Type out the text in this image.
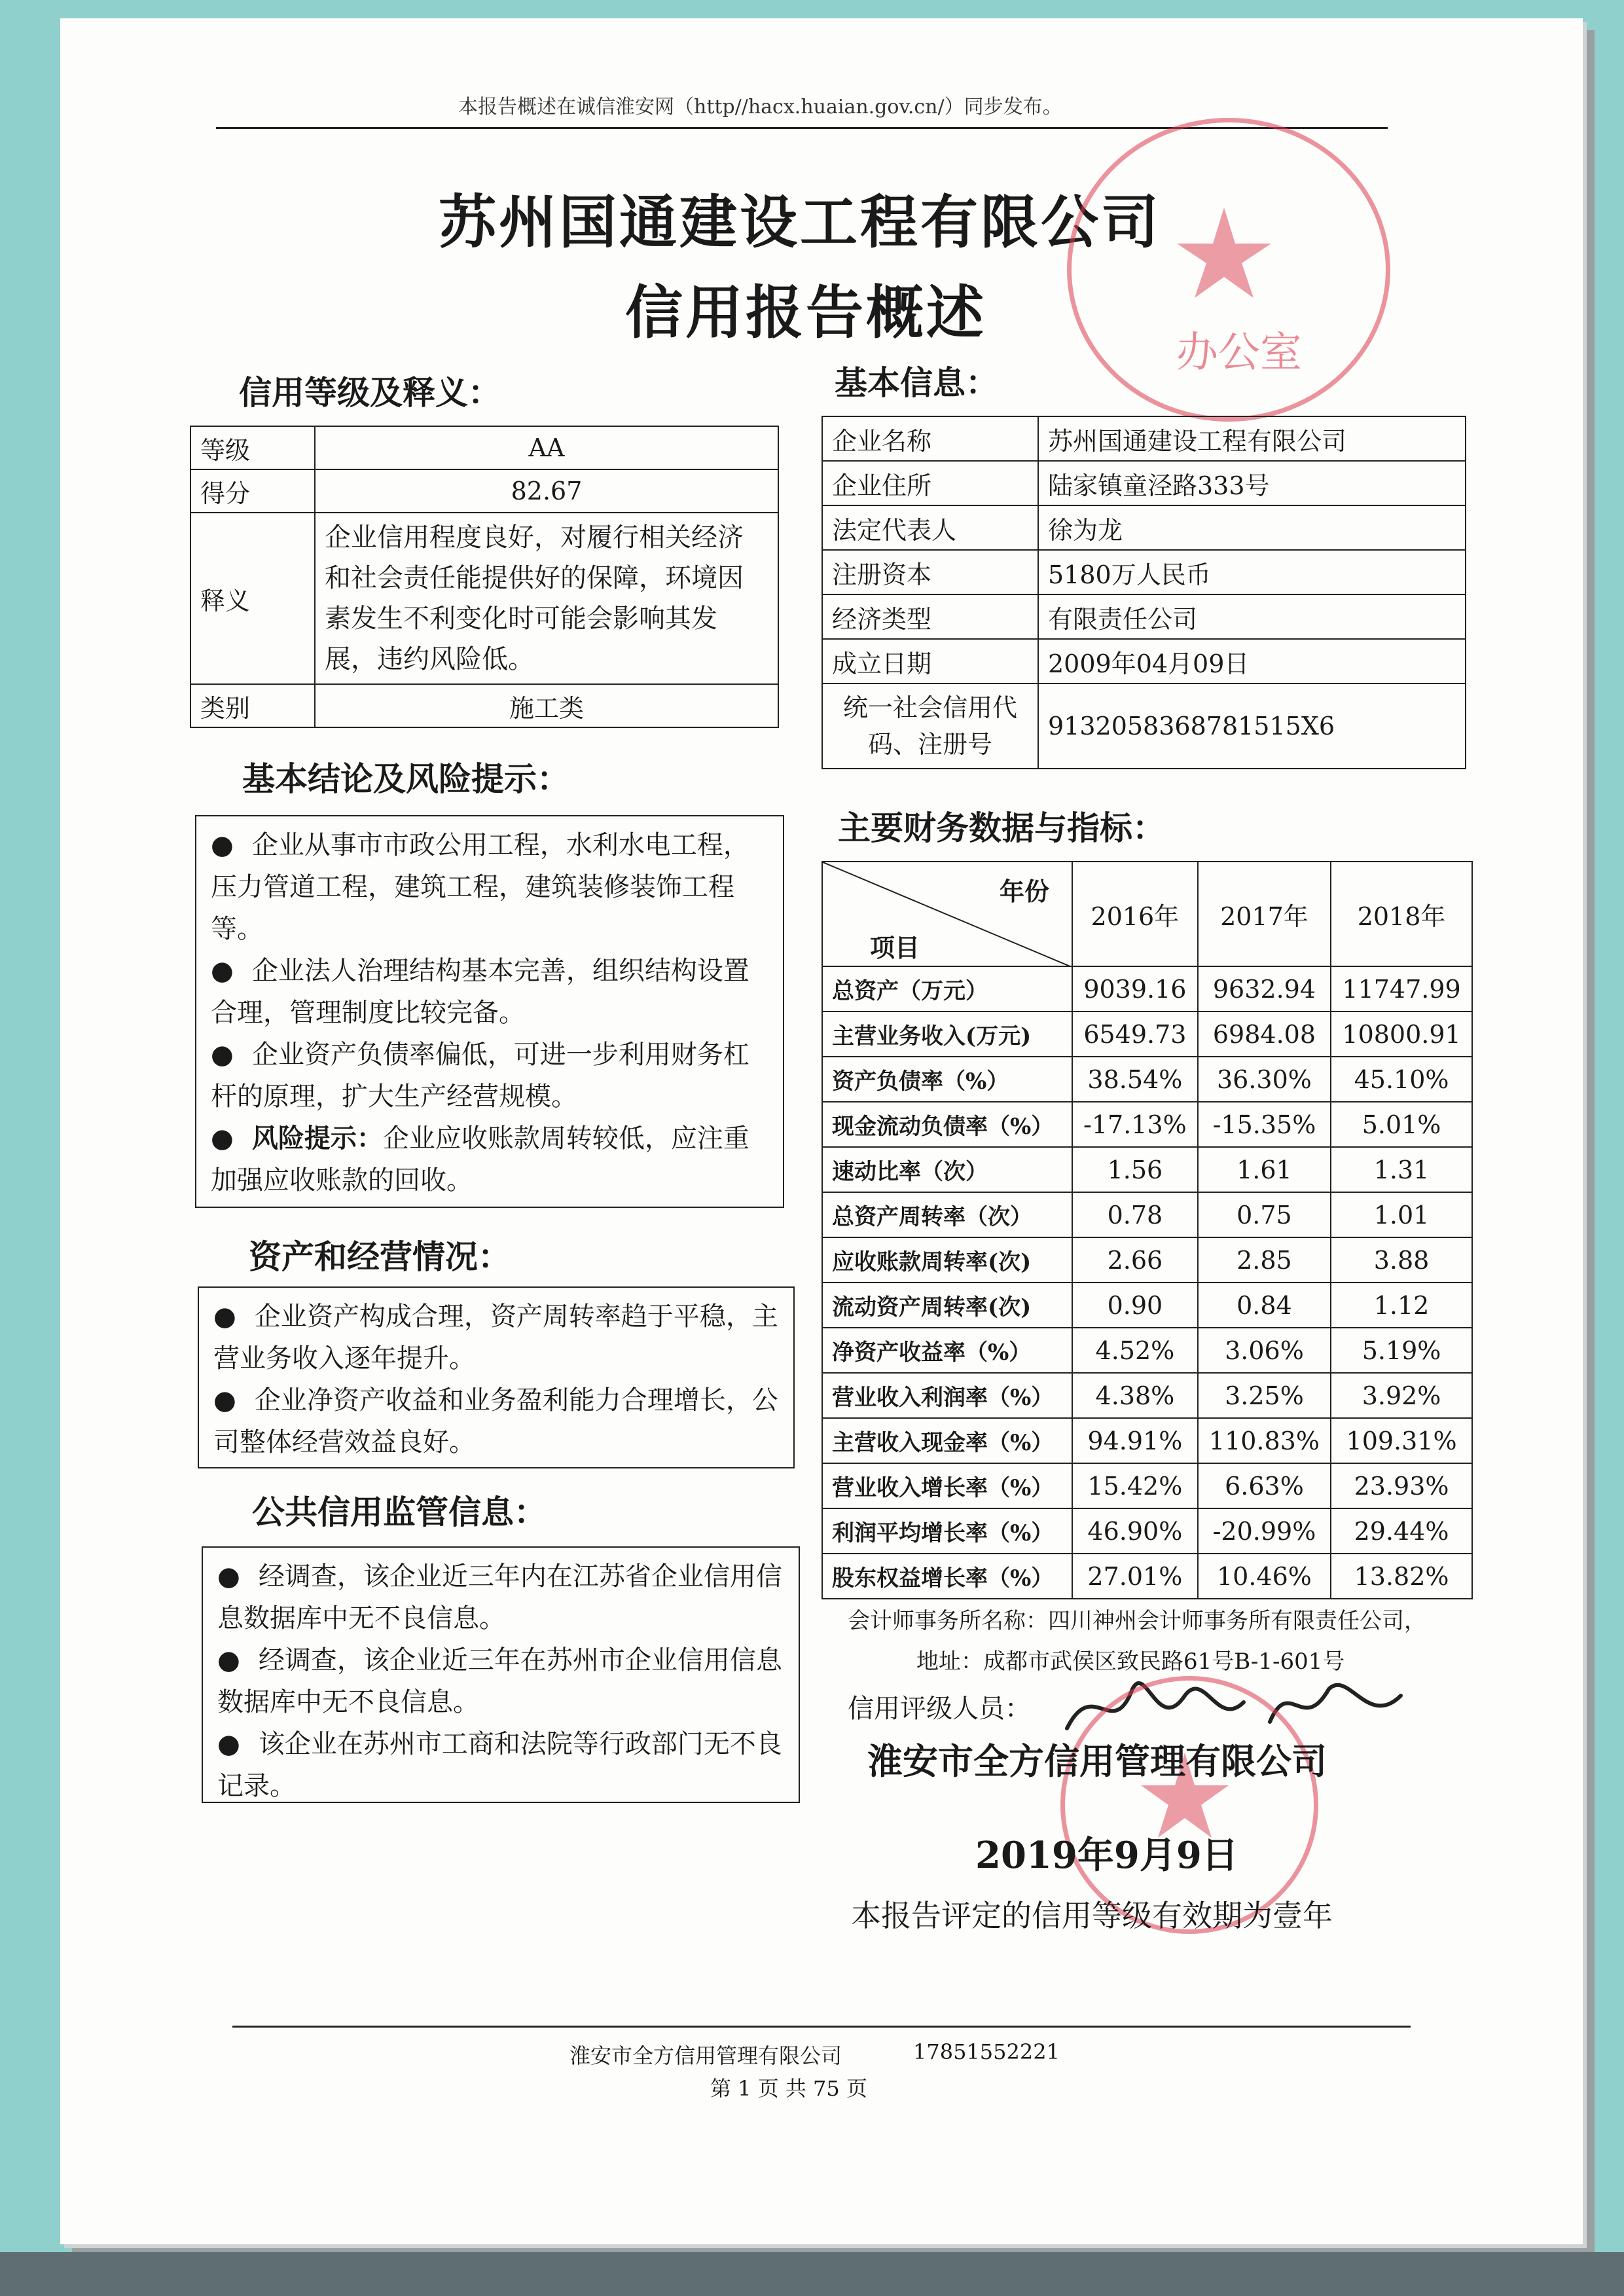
本报告概述在诚信淮安网（http//hacx.huaian.gov.cn/）同步发布。
苏州国通建设工程有限公司
信用报告概述
办公室
信用等级及释义：
等级	AA
得分	82.67
释义	企业信用程度良好，对履行相关经济和社会责任能提供好的保障，环境因素发生不利变化时可能会影响其发展，违约风险低。
类别	施工类
基本结论及风险提示：

● 企业从事市市政公用工程，水利水电工程，压力管道工程，建筑工程，建筑装修装饰工程等。

● 企业法人治理结构基本完善，组织结构设置合理，管理制度比较完备。

● 企业资产负债率偏低，可进一步利用财务杠杆的原理，扩大生产经营规模。

● 风险提示：企业应收账款周转较低，应注重加强应收账款的回收。

资产和经营情况：

● 企业资产构成合理，资产周转率趋于平稳，主营业务收入逐年提升。

● 企业净资产收益和业务盈利能力合理增长，公司整体经营效益良好。

公共信用监管信息：

● 经调查，该企业近三年内在江苏省企业信用信息数据库中无不良信息。

● 经调查，该企业近三年在苏州市企业信用信息数据库中无不良信息。

● 该企业在苏州市工商和法院等行政部门无不良记录。

基本信息：
企业名称	苏州国通建设工程有限公司
企业住所	陆家镇童泾路333号
法定代表人	徐为龙
注册资本	5180万人民币
经济类型	有限责任公司
成立日期	2009年04月09日
统一社会信用代码、注册号	9132058368781515X6
主要财务数据与指标：
年份
项目	2016年	2017年	2018年
总资产（万元）	9039.16	9632.94	11747.99
主营业务收入(万元)	6549.73	6984.08	10800.91
资产负债率（%）	38.54%	36.30%	45.10%
现金流动负债率（%）	-17.13%	-15.35%	5.01%
速动比率（次）	1.56	1.61	1.31
总资产周转率（次）	0.78	0.75	1.01
应收账款周转率(次)	2.66	2.85	3.88
流动资产周转率(次)	0.90	0.84	1.12
净资产收益率（%）	4.52%	3.06%	5.19%
营业收入利润率（%）	4.38%	3.25%	3.92%
主营收入现金率（%）	94.91%	110.83%	109.31%
营业收入增长率（%）	15.42%	6.63%	23.93%
利润平均增长率（%）	46.90%	-20.99%	29.44%
股东权益增长率（%）	27.01%	10.46%	13.82%
会计师事务所名称：四川神州会计师事务所有限责任公司，
地址：成都市武侯区致民路61号B-1-601号
信用评级人员：
淮安市全方信用管理有限公司
2019年9月9日
本报告评定的信用等级有效期为壹年
淮安市全方信用管理有限公司	17851552221
第 1 页 共 75 页
